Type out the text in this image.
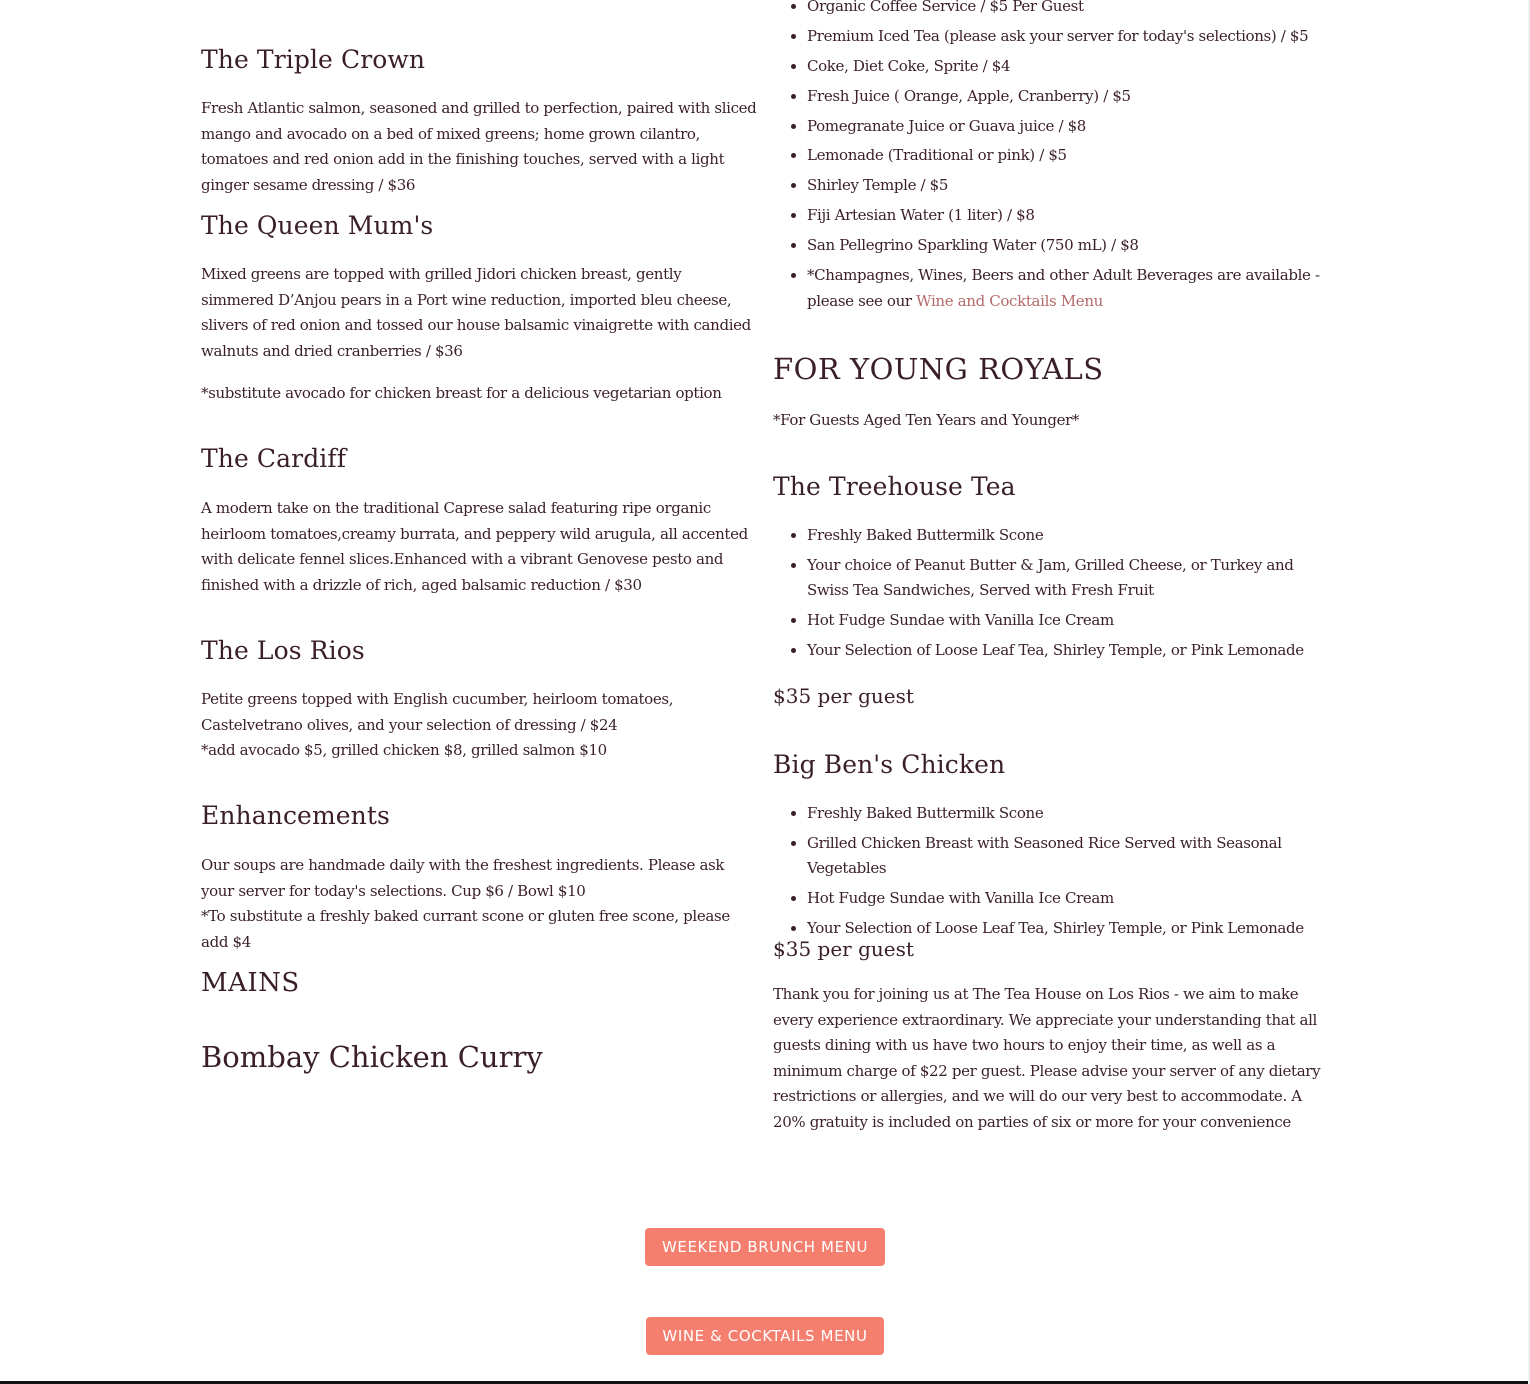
The Triple Crown

Fresh Atlantic salmon, seasoned and grilled to perfection, paired with sliced mango and avocado on a bed of mixed greens; home grown cilantro, tomatoes and red onion add in the finishing touches, served with a light ginger sesame dressing / $36

The Queen Mum's

Mixed greens are topped with grilled Jidori chicken breast, gently simmered D’Anjou pears in a Port wine reduction, imported bleu cheese, slivers of red onion and tossed our house balsamic vinaigrette with candied walnuts and dried cranberries / $36

*substitute avocado for chicken breast for a delicious vegetarian option

The Cardiff

A modern take on the traditional Caprese salad featuring ripe organic heirloom tomatoes,creamy burrata, and peppery wild arugula, all accented with delicate fennel slices.Enhanced with a vibrant Genovese pesto and finished with a drizzle of rich, aged balsamic reduction / $30

The Los Rios

Petite greens topped with English cucumber, heirloom tomatoes, Castelvetrano olives, and your selection of dressing / $24

*add avocado $5, grilled chicken $8, grilled salmon $10

Enhancements

Our soups are handmade daily with the freshest ingredients. Please ask your server for today's selections. Cup $6 / Bowl $10

*To substitute a freshly baked currant scone or gluten free scone, please add $4

MAINS
Bombay Chicken Curry
• Organic Coffee Service / $5 Per Guest
• Premium Iced Tea (please ask your server for today's selections) / $5
• Coke, Diet Coke, Sprite / $4
• Fresh Juice ( Orange, Apple, Cranberry) / $5
• Pomegranate Juice or Guava juice / $8
• Lemonade (Traditional or pink) / $5
• Shirley Temple / $5
• Fiji Artesian Water (1 liter) / $8
• San Pellegrino Sparkling Water (750 mL) / $8
• *Champagnes, Wines, Beers and other Adult Beverages are available - please see our Wine and Cocktails Menu
FOR YOUNG ROYALS

*For Guests Aged Ten Years and Younger*

The Treehouse Tea
• Freshly Baked Buttermilk Scone
• Your choice of Peanut Butter & Jam, Grilled Cheese, or Turkey and Swiss Tea Sandwiches, Served with Fresh Fruit
• Hot Fudge Sundae with Vanilla Ice Cream
• Your Selection of Loose Leaf Tea, Shirley Temple, or Pink Lemonade

$35 per guest

Big Ben's Chicken
• Freshly Baked Buttermilk Scone
• Grilled Chicken Breast with Seasoned Rice Served with Seasonal Vegetables
• Hot Fudge Sundae with Vanilla Ice Cream
• Your Selection of Loose Leaf Tea, Shirley Temple, or Pink Lemonade

$35 per guest

Thank you for joining us at The Tea House on Los Rios - we aim to make every experience extraordinary. We appreciate your understanding that all guests dining with us have two hours to enjoy their time, as well as a minimum charge of $22 per guest. Please advise your server of any dietary restrictions or allergies, and we will do our very best to accommodate. A 20% gratuity is included on parties of six or more for your convenience

WEEKEND BRUNCH MENU
WINE & COCKTAILS MENU
